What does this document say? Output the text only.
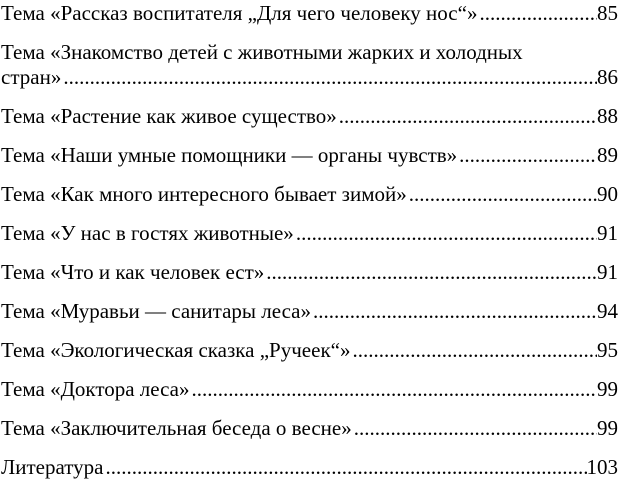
Тема «Рассказ воспитателя „Для чего человеку нос“» .....	85
Тема «Знакомство детей с животными жарких и холодных
стран» .....	86
Тема «Растение как живое существо» .....	88
Тема «Наши умные помощники — органы чувств» .....	89
Тема «Как много интересного бывает зимой» .....	90
Тема «У нас в гостях животные» .....	91
Тема «Что и как человек ест» .....	91
Тема «Муравьи — санитары леса» .....	94
Тема «Экологическая сказка „Ручеек“» .....	95
Тема «Доктора леса» .....	99
Тема «Заключительная беседа о весне» .....	99
Литература .....	103
